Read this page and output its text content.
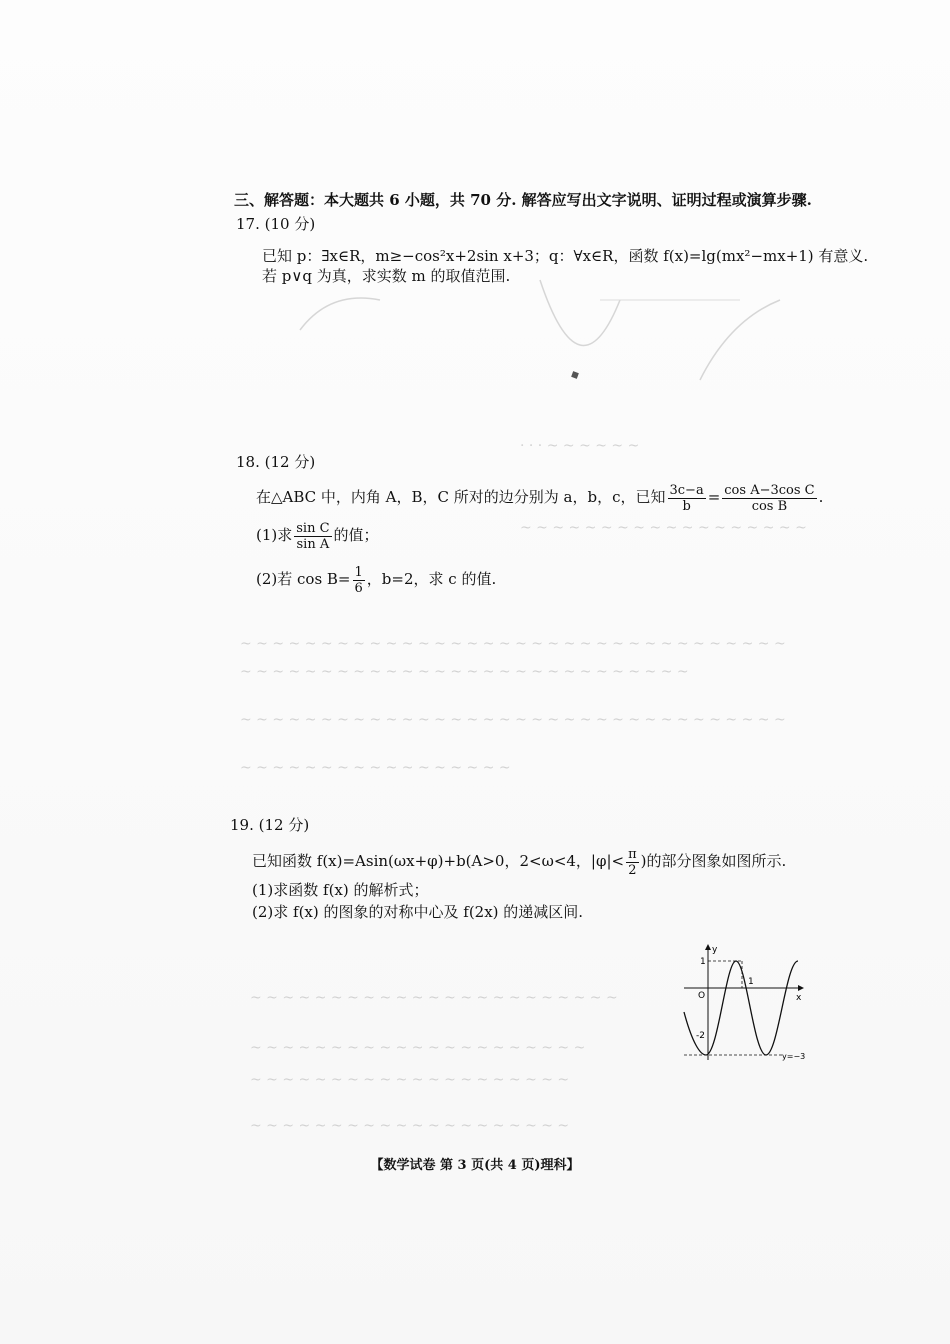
· · · ~ ~ ~ ~ ~ ~
~ ~ ~ ~ ~ ~ ~ ~ ~ ~ ~ ~ ~ ~ ~ ~ ~ ~
~ ~ ~ ~ ~ ~ ~ ~ ~ ~ ~ ~ ~ ~ ~ ~ ~ ~ ~ ~ ~ ~ ~ ~ ~ ~ ~ ~ ~ ~ ~ ~ ~ ~
~ ~ ~ ~ ~ ~ ~ ~ ~ ~ ~ ~ ~ ~ ~ ~ ~ ~ ~ ~ ~ ~ ~ ~ ~ ~ ~ ~
~ ~ ~ ~ ~ ~ ~ ~ ~ ~ ~ ~ ~ ~ ~ ~ ~ ~ ~ ~ ~ ~ ~ ~ ~ ~ ~ ~ ~ ~ ~ ~ ~ ~
~ ~ ~ ~ ~ ~ ~ ~ ~ ~ ~ ~ ~ ~ ~ ~ ~
~ ~ ~ ~ ~ ~ ~ ~ ~ ~ ~ ~ ~ ~ ~ ~ ~ ~ ~ ~ ~ ~ ~
~ ~ ~ ~ ~ ~ ~ ~ ~ ~ ~ ~ ~ ~ ~ ~ ~ ~ ~ ~ ~
~ ~ ~ ~ ~ ~ ~ ~ ~ ~ ~ ~ ~ ~ ~ ~ ~ ~ ~ ~
~ ~ ~ ~ ~ ~ ~ ~ ~ ~ ~ ~ ~ ~ ~ ~ ~ ~ ~ ~
三、解答题：本大题共 6 小题，共 70 分. 解答应写出文字说明、证明过程或演算步骤.
17. (10 分)
已知 p：∃x∈R，m≥−cos²x+2sin x+3；q：∀x∈R，函数 f(x)=lg(mx²−mx+1) 有意义.
若 p∨q 为真，求实数 m 的取值范围.
18. (12 分)
在△ABC 中，内角 A，B，C 所对的边分别为 a，b，c，已知 $\frac{3c-a}{b} = \frac{\text{cos A−3cos C}}{\text{cos B}}$ .
(1)求 $\frac{\text{sin C}}{\text{sin A}}$ 的值；
(2)若 $\cos B= \frac{1}{6}$ ，b=2，求 c 的值.
19. (12 分)
已知函数 f(x)=Asin(ωx+φ)+b(A>0，2<ω<4，$|\varphi|< \frac{\pi}{2}$ )的部分图象如图所示.
(1)求函数 f(x) 的解析式；
(2)求 f(x) 的图象的对称中心及 f(2x) 的递减区间.
y
x
O
1
1
-2
y=−3
【数学试卷 第 3 页(共 4 页)理科】
